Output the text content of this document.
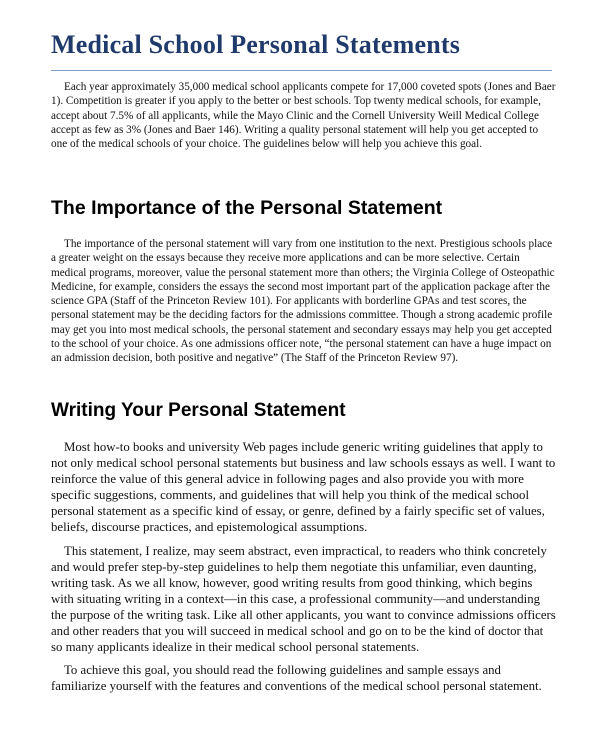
Medical School Personal Statements

Each year approximately 35,000 medical school applicants compete for 17,000 coveted spots (Jones and Baer 1). Competition is greater if you apply to the better or best schools. Top twenty medical schools, for example, accept about 7.5% of all applicants, while the Mayo Clinic and the Cornell University Weill Medical College accept as few as 3% (Jones and Baer 146). Writing a quality personal statement will help you get accepted to one of the medical schools of your choice. The guidelines below will help you achieve this goal.

The Importance of the Personal Statement

The importance of the personal statement will vary from one institution to the next. Prestigious schools place a greater weight on the essays because they receive more applications and can be more selective. Certain medical programs, moreover, value the personal statement more than others; the Virginia College of Osteopathic Medicine, for example, considers the essays the second most important part of the application package after the science GPA (Staff of the Princeton Review 101). For applicants with borderline GPAs and test scores, the personal statement may be the deciding factors for the admissions committee. Though a strong academic profile may get you into most medical schools, the personal statement and secondary essays may help you get accepted to the school of your choice. As one admissions officer note, “the personal statement can have a huge impact on an admission decision, both positive and negative” (The Staff of the Princeton Review 97).

Writing Your Personal Statement

Most how-to books and university Web pages include generic writing guidelines that apply to not only medical school personal statements but business and law schools essays as well. I want to reinforce the value of this general advice in following pages and also provide you with more specific suggestions, comments, and guidelines that will help you think of the medical school personal statement as a specific kind of essay, or genre, defined by a fairly specific set of values, beliefs, discourse practices, and epistemological assumptions.

This statement, I realize, may seem abstract, even impractical, to readers who think concretely and would prefer step-by-step guidelines to help them negotiate this unfamiliar, even daunting, writing task. As we all know, however, good writing results from good thinking, which begins with situating writing in a context—in this case, a professional community—and understanding the purpose of the writing task. Like all other applicants, you want to convince admissions officers and other readers that you will succeed in medical school and go on to be the kind of doctor that so many applicants idealize in their medical school personal statements.

To achieve this goal, you should read the following guidelines and sample essays and familiarize yourself with the features and conventions of the medical school personal statement.
